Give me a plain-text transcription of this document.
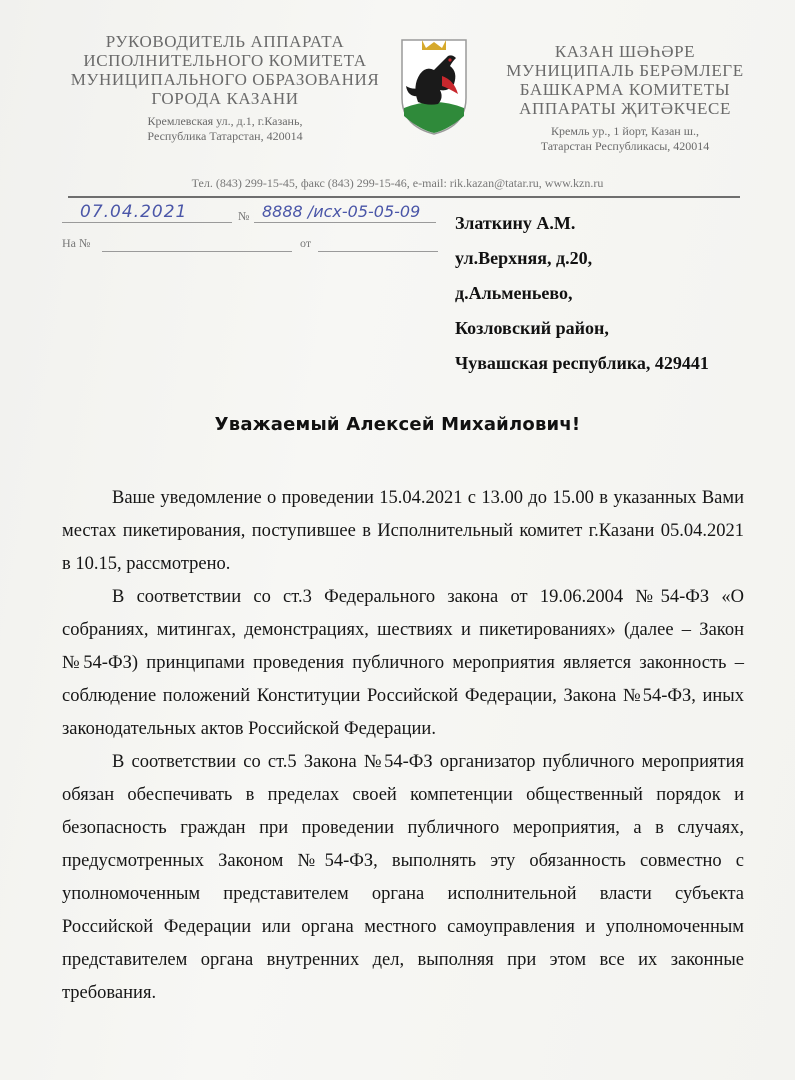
РУКОВОДИТЕЛЬ АППАРАТА
ИСПОЛНИТЕЛЬНОГО КОМИТЕТА
МУНИЦИПАЛЬНОГО ОБРАЗОВАНИЯ
ГОРОДА КАЗАНИ
Кремлевская ул., д.1, г.Казань,
Республика Татарстан, 420014
КАЗАН ШӘҺӘРЕ
МУНИЦИПАЛЬ БЕРӘМЛЕГЕ
БАШКАРМА КОМИТЕТЫ
АППАРАТЫ ҖИТӘКЧЕСЕ
Кремль ур., 1 йорт, Казан ш.,
Татарстан Республикасы, 420014
Тел. (843) 299-15-45, факс (843) 299-15-46, e-mail: rik.kazan@tatar.ru, www.kzn.ru
07.04.2021	№ 8888 /исх-05-05-09
На №	от
Златкину А.М.
ул.Верхняя, д.20,
д.Альменьево,
Козловский район,
Чувашская республика, 429441
Уважаемый Алексей Михайлович!

Ваше уведомление о проведении 15.04.2021 с 13.00 до 15.00 в указанных Вами местах пикетирования, поступившее в Исполнительный комитет г.Казани 05.04.2021 в 10.15, рассмотрено.

В соответствии со ст.3 Федерального закона от 19.06.2004 №54-ФЗ «О собраниях, митингах, демонстрациях, шествиях и пикетированиях» (далее – Закон №54-ФЗ) принципами проведения публичного мероприятия является законность – соблюдение положений Конституции Российской Федерации, Закона №54-ФЗ, иных законодательных актов Российской Федерации.

В соответствии со ст.5 Закона №54-ФЗ организатор публичного мероприятия обязан обеспечивать в пределах своей компетенции общественный порядок и безопасность граждан при проведении публичного мероприятия, а в случаях, предусмотренных Законом №54-ФЗ, выполнять эту обязанность совместно с уполномоченным представителем органа исполнительной власти субъекта Российской Федерации или органа местного самоуправления и уполномоченным представителем органа внутренних дел, выполняя при этом все их законные требования.
